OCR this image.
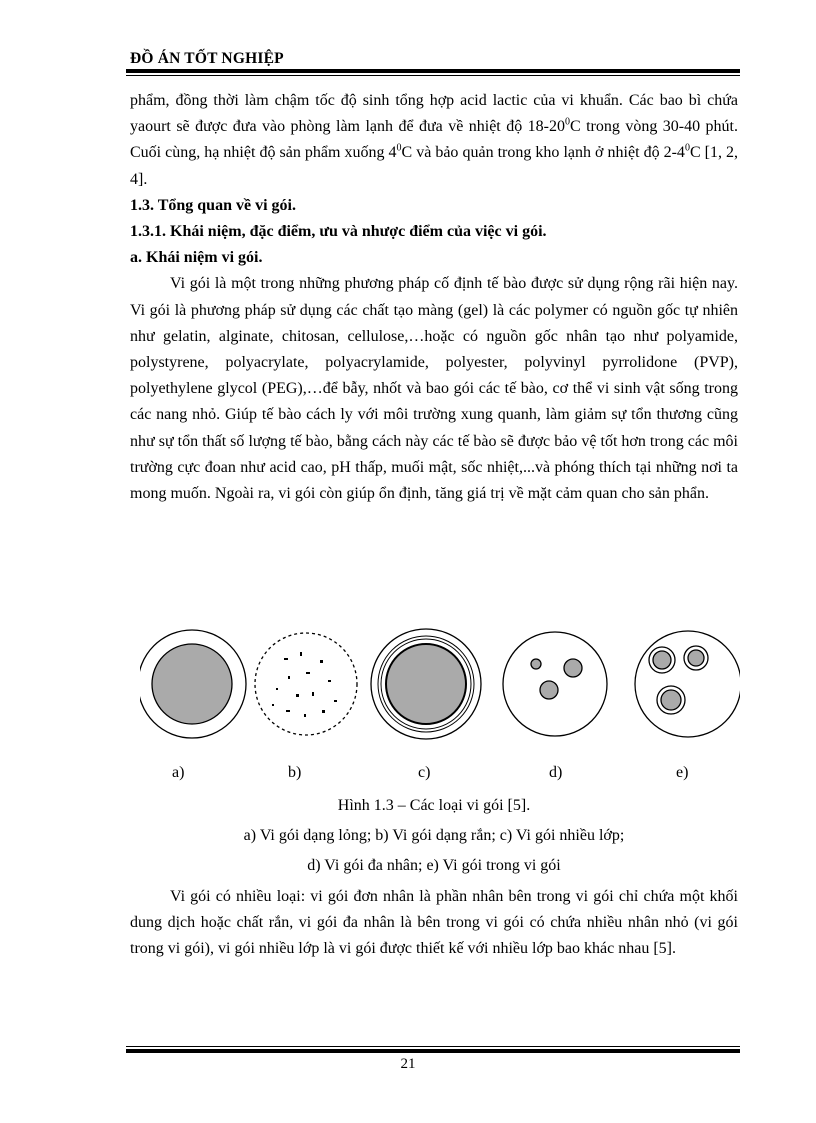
ĐỒ ÁN TỐT NGHIỆP

phẩm, đồng thời làm chậm tốc độ sinh tổng hợp acid lactic của vi khuẩn. Các bao bì chứa yaourt sẽ được đưa vào phòng làm lạnh để đưa về nhiệt độ $18-20^0C$ trong vòng 30-40 phút. Cuối cùng, hạ nhiệt độ sản phẩm xuống $4^0C$ và bảo quản trong kho lạnh ở nhiệt độ $2-4^0C$ [1, 2, 4].

1.3. Tổng quan về vi gói.

1.3.1. Khái niệm, đặc điểm, ưu và nhược điểm của việc vi gói.

a. Khái niệm vi gói.

Vi gói là một trong những phương pháp cố định tế bào được sử dụng rộng rãi hiện nay. Vi gói là phương pháp sử dụng các chất tạo màng (gel) là các polymer có nguồn gốc tự nhiên như gelatin, alginate, chitosan, cellulose,…hoặc có nguồn gốc nhân tạo như polyamide, polystyrene, polyacrylate, polyacrylamide, polyester, polyvinyl pyrrolidone (PVP), polyethylene glycol (PEG),…để bẫy, nhốt và bao gói các tế bào, cơ thể vi sinh vật sống trong các nang nhỏ. Giúp tế bào cách ly với môi trường xung quanh, làm giảm sự tổn thương cũng như sự tổn thất số lượng tế bào, bằng cách này các tế bào sẽ được bảo vệ tốt hơn trong các môi trường cực đoan như acid cao, pH thấp, muối mật, sốc nhiệt,...và phóng thích tại những nơi ta mong muốn. Ngoài ra, vi gói còn giúp ổn định, tăng giá trị về mặt cảm quan cho sản phẩn.

a)	b)	c)	d)	e)
Hình 1.3 – Các loại vi gói [5].
a) Vi gói dạng lỏng; b) Vi gói dạng rắn; c) Vi gói nhiều lớp;
d) Vi gói đa nhân; e) Vi gói trong vi gói

Vi gói có nhiều loại: vi gói đơn nhân là phần nhân bên trong vi gói chỉ chứa một khối dung dịch hoặc chất rắn, vi gói đa nhân là bên trong vi gói có chứa nhiều nhân nhỏ (vi gói trong vi gói), vi gói nhiều lớp là vi gói được thiết kế với nhiều lớp bao khác nhau [5].

21
